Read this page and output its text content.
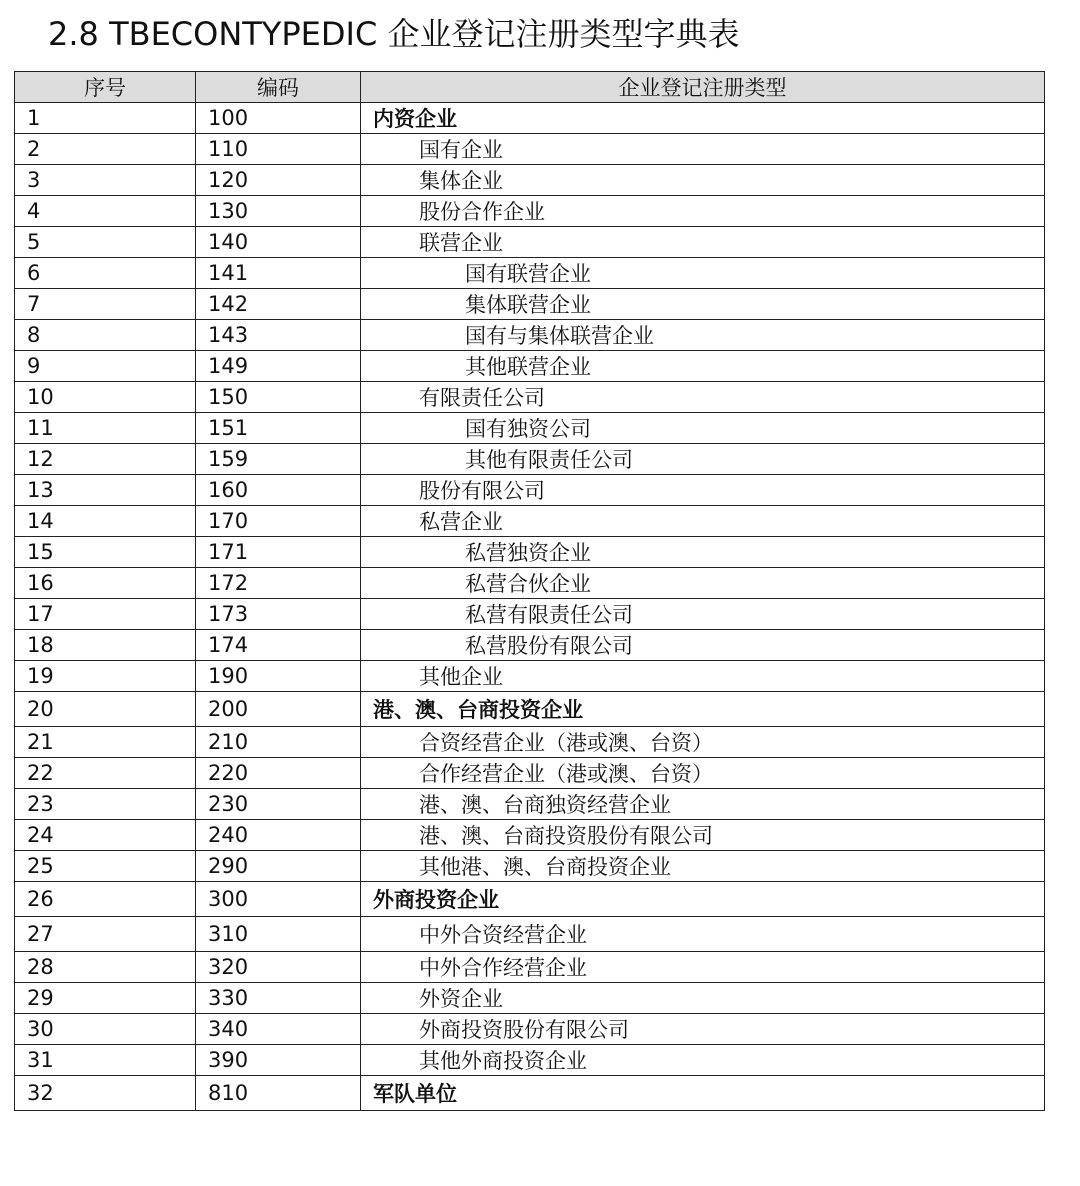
2.8 TBECONTYPEDIC 企业登记注册类型字典表
序号	编码	企业登记注册类型
1	100	内资企业
2	110	国有企业
3	120	集体企业
4	130	股份合作企业
5	140	联营企业
6	141	国有联营企业
7	142	集体联营企业
8	143	国有与集体联营企业
9	149	其他联营企业
10	150	有限责任公司
11	151	国有独资公司
12	159	其他有限责任公司
13	160	股份有限公司
14	170	私营企业
15	171	私营独资企业
16	172	私营合伙企业
17	173	私营有限责任公司
18	174	私营股份有限公司
19	190	其他企业
20	200	港、澳、台商投资企业
21	210	合资经营企业（港或澳、台资）
22	220	合作经营企业（港或澳、台资）
23	230	港、澳、台商独资经营企业
24	240	港、澳、台商投资股份有限公司
25	290	其他港、澳、台商投资企业
26	300	外商投资企业
27	310	中外合资经营企业
28	320	中外合作经营企业
29	330	外资企业
30	340	外商投资股份有限公司
31	390	其他外商投资企业
32	810	军队单位
